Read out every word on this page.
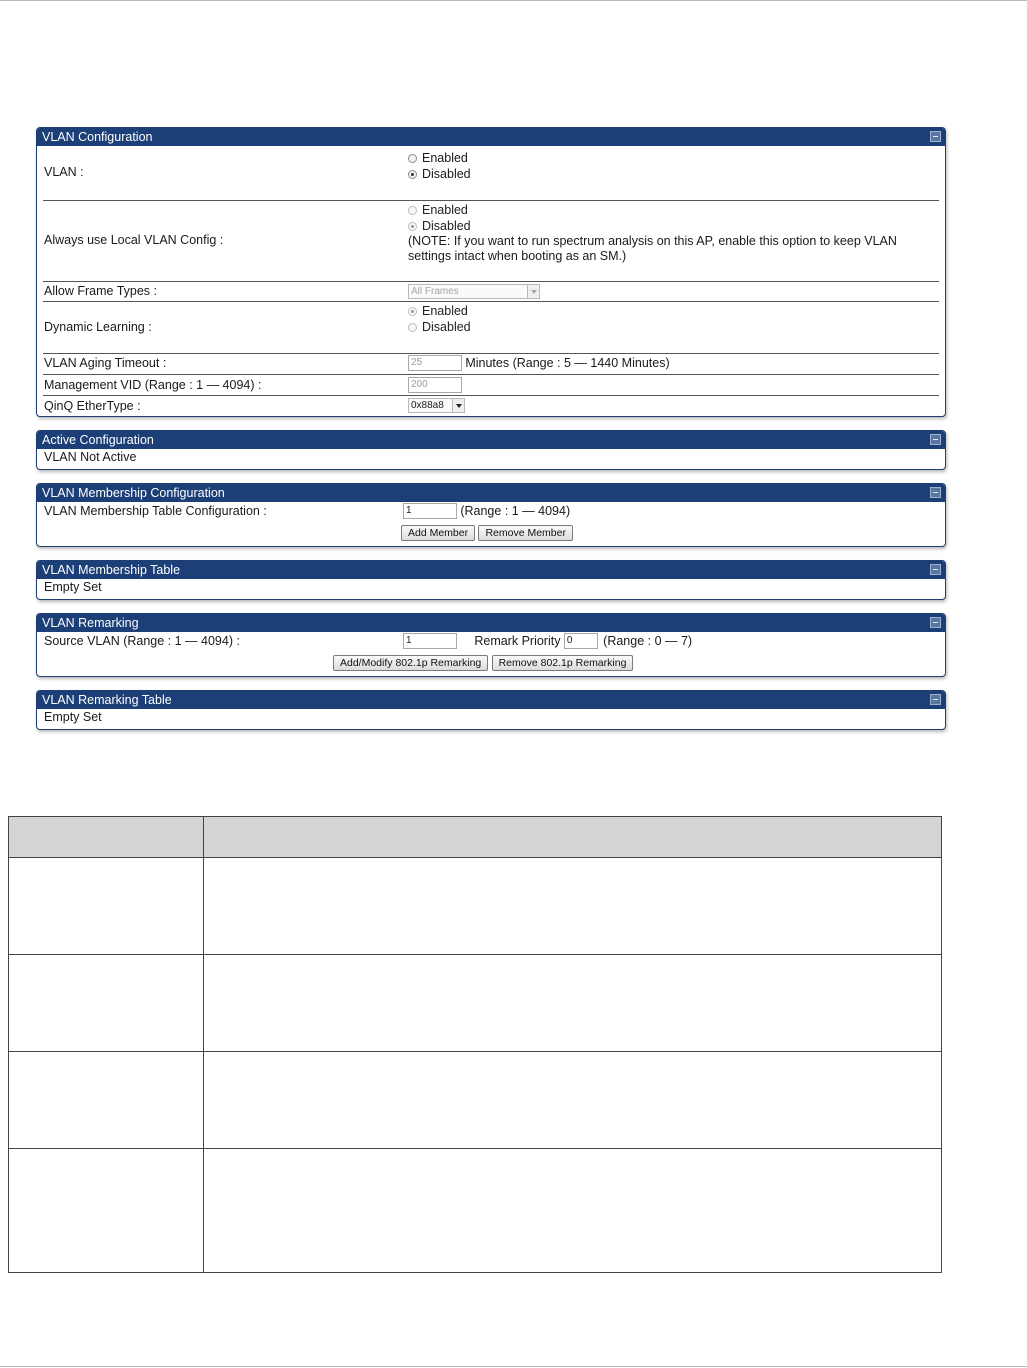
VLAN Configuration
VLAN :
Enabled
Disabled
Always use Local VLAN Config :
Enabled
Disabled
(NOTE: If you want to run spectrum analysis on this AP, enable this option to keep VLAN settings intact when booting as an SM.)
Allow Frame Types :	All Frames
Dynamic Learning :
Enabled
Disabled
VLAN Aging Timeout :	25	Minutes (Range : 5 — 1440 Minutes)
Management VID (Range : 1 — 4094) :	200
QinQ EtherType :	0x88a8
Active Configuration
VLAN Not Active
VLAN Membership Configuration
VLAN Membership Table Configuration :	1	(Range : 1 — 4094)
Add Member Remove Member
VLAN Membership Table
Empty Set
VLAN Remarking
Source VLAN (Range : 1 — 4094) :	1	Remark Priority 0 (Range : 0 — 7)
Add/Modify 802.1p Remarking Remove 802.1p Remarking
VLAN Remarking Table
Empty Set
